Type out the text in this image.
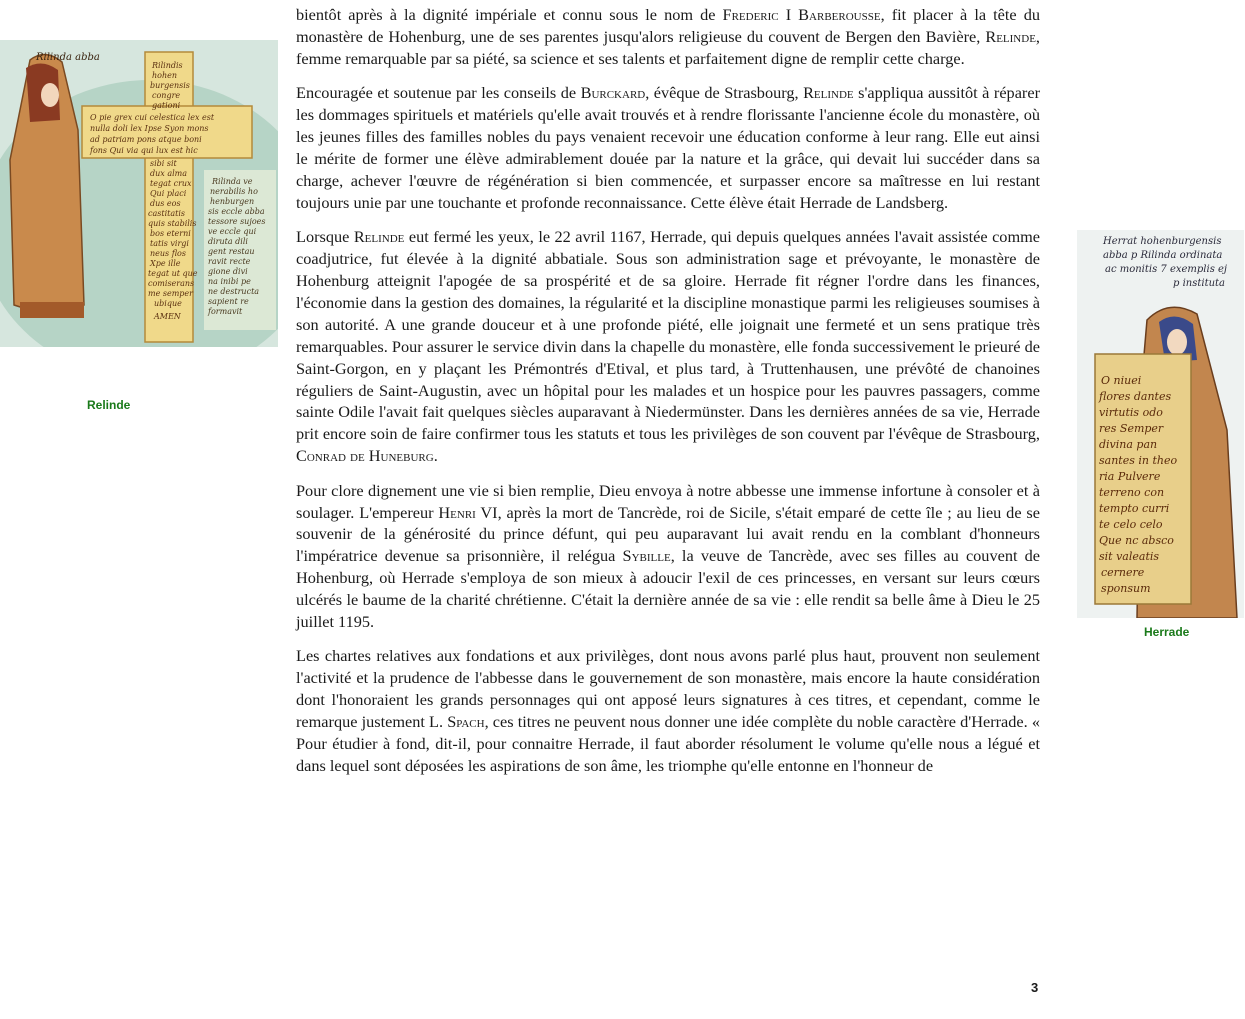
Rilinda abba
Rilindis
hohen
burgensis
congre
gationi
O pie grex cui celestica lex est
nulla doli lex Ipse Syon mons
ad patriam pons atque boni
fons Qui via qui lux est hic
sibi sit
dux alma
tegat crux
Qui placi
dus eos
castitatis
quis stabilis
bos eterni
tatis virgi
neus flos
Xpe ille
tegat ut que
comiserans
me semper
ubique
AMEN
Rilinda ve
nerabilis ho
henburgen
sis eccle abba
tessore sujoes
ve eccle qui
diruta dili
gent restau
ravit recte
gione divi
na inibi pe
ne destructa
sapient re
formavit
Relinde

bientôt après à la dignité impériale et connu sous le nom de Frederic I Barberousse, fit placer à la tête du monastère de Hohenburg, une de ses parentes jusqu'alors religieuse du couvent de Bergen den Bavière, Relinde, femme remarquable par sa piété, sa science et ses talents et parfaitement digne de remplir cette charge.

Encouragée et soutenue par les conseils de Burckard, évêque de Strasbourg, Relinde s'appliqua aussitôt à réparer les dommages spirituels et matériels qu'elle avait trouvés et à rendre florissante l'ancienne école du monastère, où les jeunes filles des familles nobles du pays venaient recevoir une éducation conforme à leur rang. Elle eut ainsi le mérite de former une élève admirablement douée par la nature et la grâce, qui devait lui succéder dans sa charge, achever l'œuvre de régénération si bien commencée, et surpasser encore sa maîtresse en lui restant toujours unie par une touchante et profonde reconnaissance. Cette élève était Herrade de Landsberg.

Lorsque Relinde eut fermé les yeux, le 22 avril 1167, Herrade, qui depuis quelques années l'avait assistée comme coadjutrice, fut élevée à la dignité abbatiale. Sous son administration sage et prévoyante, le monastère de Hohenburg atteignit l'apogée de sa prospérité et de sa gloire. Herrade fit régner l'ordre dans les finances, l'économie dans la gestion des domaines, la régularité et la discipline monastique parmi les religieuses soumises à son autorité. A une grande douceur et à une profonde piété, elle joignait une fermeté et un sens pratique très remarquables. Pour assurer le service divin dans la chapelle du monastère, elle fonda successivement le prieuré de Saint-Gorgon, en y plaçant les Prémontrés d'Etival, et plus tard, à Truttenhausen, une prévôté de chanoines réguliers de Saint-Augustin, avec un hôpital pour les malades et un hospice pour les pauvres passagers, comme sainte Odile l'avait fait quelques siècles auparavant à Niedermünster. Dans les dernières années de sa vie, Herrade prit encore soin de faire confirmer tous les statuts et tous les privilèges de son couvent par l'évêque de Strasbourg, Conrad de Huneburg.

Pour clore dignement une vie si bien remplie, Dieu envoya à notre abbesse une immense infortune à consoler et à soulager. L'empereur Henri VI, après la mort de Tancrède, roi de Sicile, s'était emparé de cette île ; au lieu de se souvenir de la générosité du prince défunt, qui peu auparavant lui avait rendu en la comblant d'honneurs l'impératrice devenue sa prisonnière, il relégua Sybille, la veuve de Tancrède, avec ses filles au couvent de Hohenburg, où Herrade s'employa de son mieux à adoucir l'exil de ces princesses, en versant sur leurs cœurs ulcérés le baume de la charité chrétienne. C'était la dernière année de sa vie : elle rendit sa belle âme à Dieu le 25 juillet 1195.

Les chartes relatives aux fondations et aux privilèges, dont nous avons parlé plus haut, prouvent non seulement l'activité et la prudence de l'abbesse dans le gouvernement de son monastère, mais encore la haute considération dont l'honoraient les grands personnages qui ont apposé leurs signatures à ces titres, et cependant, comme le remarque justement L. Spach, ces titres ne peuvent nous donner une idée complète du noble caractère d'Herrade. « Pour étudier à fond, dit-il, pour connaitre Herrade, il faut aborder résolument le volume qu'elle nous a légué et dans lequel sont déposées les aspirations de son âme, les triomphe qu'elle entonne en l'honneur de

Herrat hohenburgensis
abba p Rilinda ordinata
ac monitis 7 exemplis ej
p instituta
O niuei
flores dantes
virtutis odo
res Semper
divina pan
santes in theo
ria Pulvere
terreno con
tempto curri
te celo celo
Que nc absco
sit valeatis
cernere
sponsum
Herrade
3
